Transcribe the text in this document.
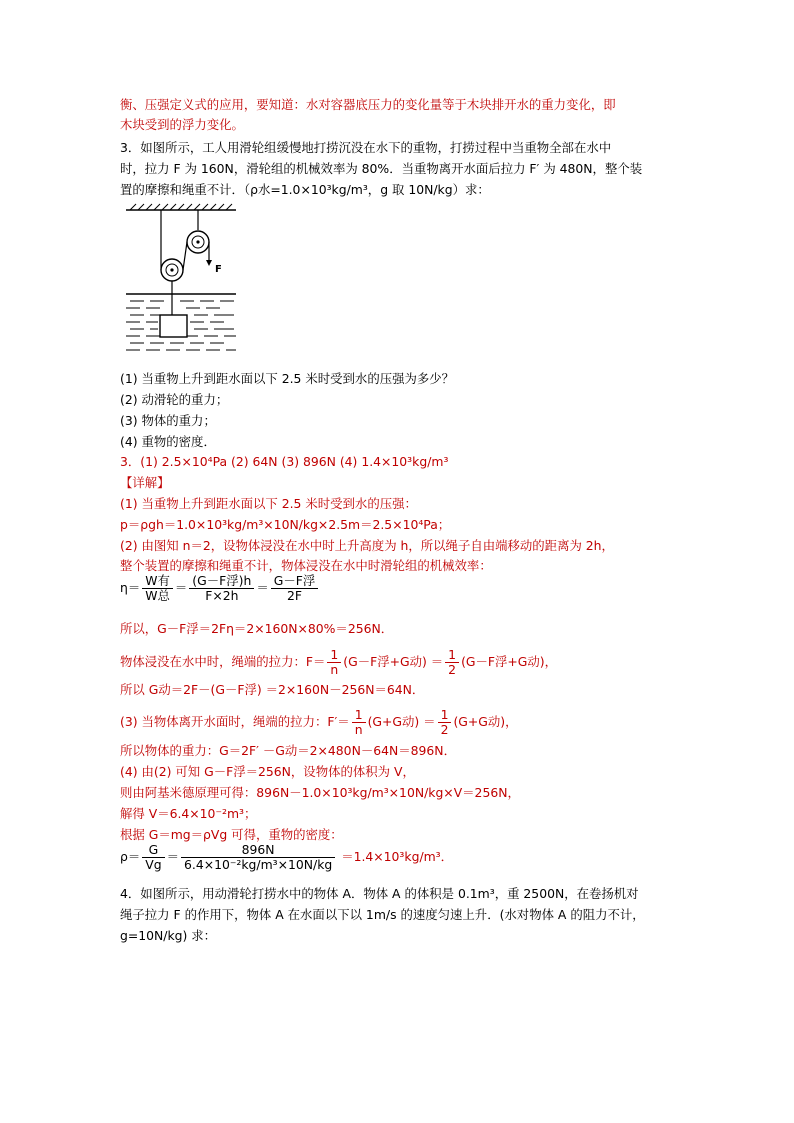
衡、压强定义式的应用，要知道：水对容器底压力的变化量等于木块排开水的重力变化，即
木块受到的浮力变化。
3．如图所示，工人用滑轮组缓慢地打捞沉没在水下的重物，打捞过程中当重物全部在水中
时，拉力 F 为 160N，滑轮组的机械效率为 80%．当重物离开水面后拉力 F′ 为 480N，整个装
置的摩擦和绳重不计．（ρ水=1.0×10³kg/m³，g 取 10N/kg）求：
F
(1) 当重物上升到距水面以下 2.5 米时受到水的压强为多少？
(2) 动滑轮的重力；
(3) 物体的重力；
(4) 重物的密度．
3．(1) 2.5×10⁴Pa (2) 64N (3) 896N (4) 1.4×10³kg/m³
【详解】
(1) 当重物上升到距水面以下 2.5 米时受到水的压强：
p＝ρgh＝1.0×10³kg/m³×10N/kg×2.5m＝2.5×10⁴Pa；
(2) 由图知 n＝2，设物体浸没在水中时上升高度为 h，所以绳子自由端移动的距离为 2h，
整个装置的摩擦和绳重不计，物体浸没在水中时滑轮组的机械效率：
$\eta= \frac{\text{W有}}{\text{W总}} = \frac{\text{(G－F浮)h}}{F\times 2h} = \frac{\text{G－F浮}}{2F}$
所以，G－F浮＝2Fη＝2×160N×80%＝256N．
物体浸没在水中时，绳端的拉力：$F= \frac{1}{n} (G-F$浮+G动) ＝ $\frac{1}{2} (G-F$浮+G动)，
所以 G动＝2F－(G－F浮) ＝2×160N－256N＝64N．
(3) 当物体离开水面时，绳端的拉力：$F'= \frac{1}{n} (G+G$动) ＝ $\frac{1}{2} (G+G$动)，
所以物体的重力：G＝2F′ －G动＝2×480N－64N＝896N．
(4) 由(2) 可知 G－F浮＝256N，设物体的体积为 V，
则由阿基米德原理可得：896N－1.0×10³kg/m³×10N/kg×V＝256N，
解得 V＝6.4×10⁻²m³；
根据 G＝mg＝ρVg 可得，重物的密度：
$\rho= \frac{G}{Vg} = \frac{896N}{\text{6.4×10⁻²kg/m³×10N/kg}} =1.4\times 10^3kg/m^3$．
4．如图所示，用动滑轮打捞水中的物体 A．物体 A 的体积是 0.1m³，重 2500N，在卷扬机对
绳子拉力 F 的作用下，物体 A 在水面以下以 1m/s 的速度匀速上升．(水对物体 A 的阻力不计，
g=10N/kg) 求：
